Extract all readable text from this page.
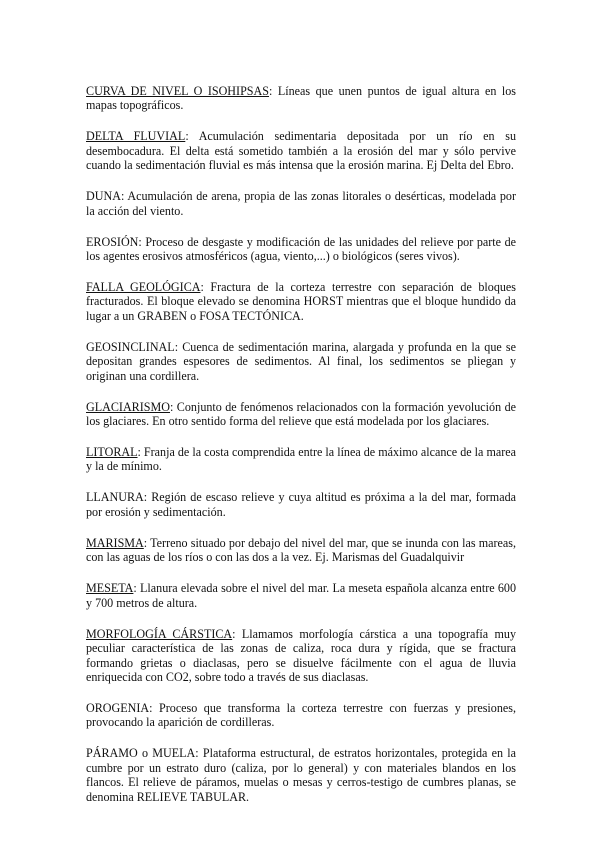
CURVA DE NIVEL O ISOHIPSAS: Líneas que unen puntos de igual altura en los mapas topográficos.

DELTA FLUVIAL: Acumulación sedimentaria depositada por un río en su desembocadura. El delta está sometido también a la erosión del mar y sólo pervive cuando la sedimentación fluvial es más intensa que la erosión marina. Ej Delta del Ebro.

DUNA: Acumulación de arena, propia de las zonas litorales o desérticas, modelada por la acción del viento.

EROSIÓN: Proceso de desgaste y modificación de las unidades del relieve por parte de los agentes erosivos atmosféricos (agua, viento,...) o biológicos (seres vivos).

FALLA GEOLÓGICA: Fractura de la corteza terrestre con separación de bloques fracturados. El bloque elevado se denomina HORST mientras que el bloque hundido da lugar a un GRABEN o FOSA TECTÓNICA.

GEOSINCLINAL: Cuenca de sedimentación marina, alargada y profunda en la que se depositan grandes espesores de sedimentos. Al final, los sedimentos se pliegan y originan una cordillera.

GLACIARISMO: Conjunto de fenómenos relacionados con la formación yevolución de los glaciares. En otro sentido forma del relieve que está modelada por los glaciares.

LITORAL: Franja de la costa comprendida entre la línea de máximo alcance de la marea y la de mínimo.

LLANURA: Región de escaso relieve y cuya altitud es próxima a la del mar, formada por erosión y sedimentación.

MARISMA: Terreno situado por debajo del nivel del mar, que se inunda con las mareas, con las aguas de los ríos o con las dos a la vez. Ej. Marismas del Guadalquivir

MESETA: Llanura elevada sobre el nivel del mar. La meseta española alcanza entre 600 y 700 metros de altura.

MORFOLOGÍA CÁRSTICA: Llamamos morfología cárstica a una topografía muy peculiar característica de las zonas de caliza, roca dura y rígida, que se fractura formando grietas o diaclasas, pero se disuelve fácilmente con el agua de lluvia enriquecida con CO2, sobre todo a través de sus diaclasas.

OROGENIA: Proceso que transforma la corteza terrestre con fuerzas y presiones, provocando la aparición de cordilleras.

PÁRAMO o MUELA: Plataforma estructural, de estratos horizontales, protegida en la cumbre por un estrato duro (caliza, por lo general) y con materiales blandos en los flancos. El relieve de páramos, muelas o mesas y cerros-testigo de cumbres planas, se denomina RELIEVE TABULAR.
